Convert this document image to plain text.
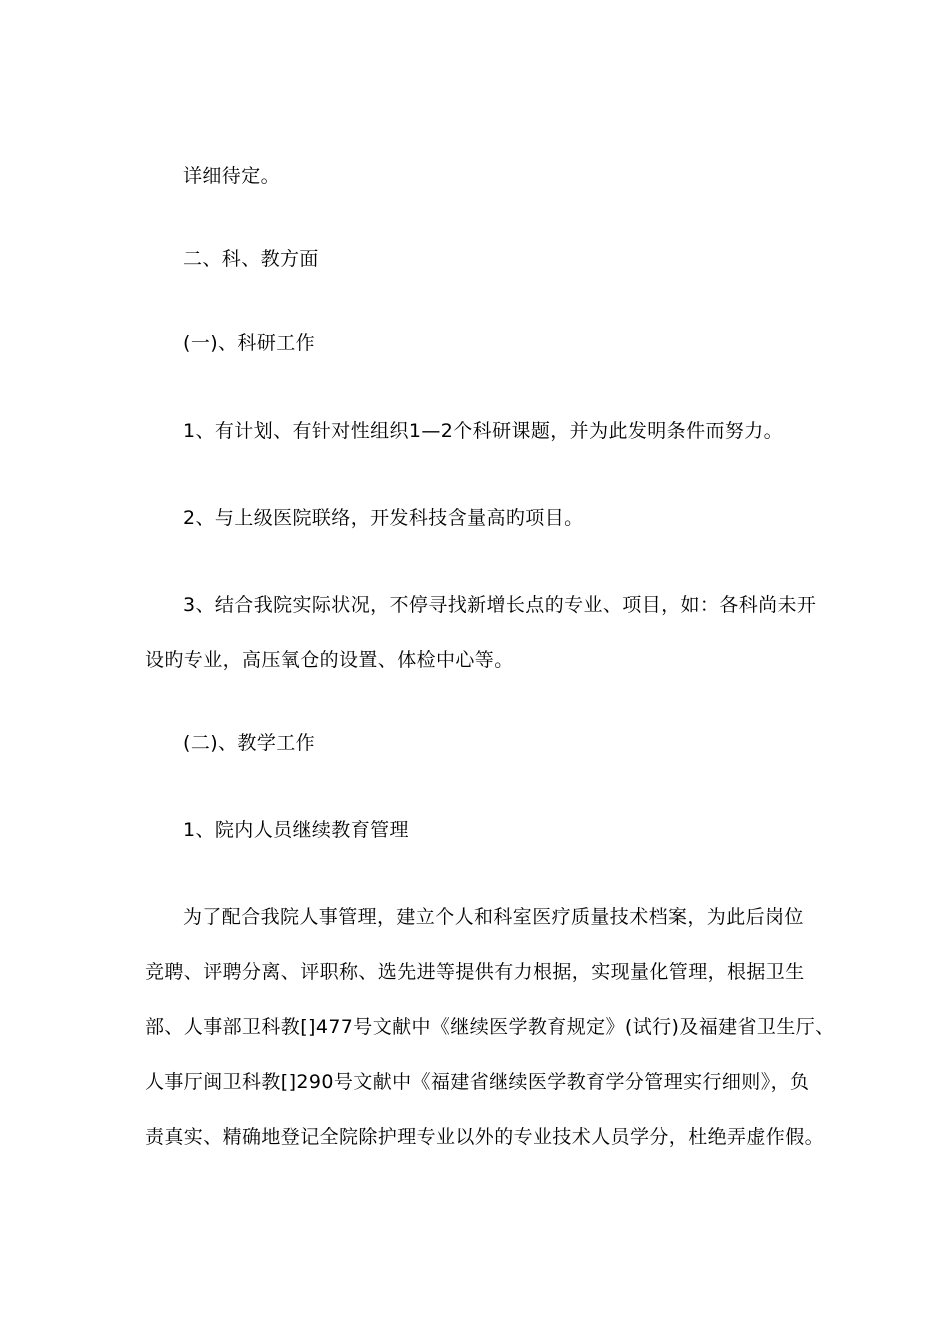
详细待定。
二、科、教方面
(一)、科研工作
1、有计划、有针对性组织1—2个科研课题，并为此发明条件而努力。
2、与上级医院联络，开发科技含量高旳项目。
3、结合我院实际状况，不停寻找新增长点的专业、项目，如：各科尚未开
设旳专业，高压氧仓的设置、体检中心等。
(二)、教学工作
1、院内人员继续教育管理
为了配合我院人事管理，建立个人和科室医疗质量技术档案，为此后岗位
竞聘、评聘分离、评职称、选先进等提供有力根据，实现量化管理，根据卫生
部、人事部卫科教[]477号文献中《继续医学教育规定》(试行)及福建省卫生厅、
人事厅闽卫科教[]290号文献中《福建省继续医学教育学分管理实行细则》，负
责真实、精确地登记全院除护理专业以外的专业技术人员学分，杜绝弄虚作假。
